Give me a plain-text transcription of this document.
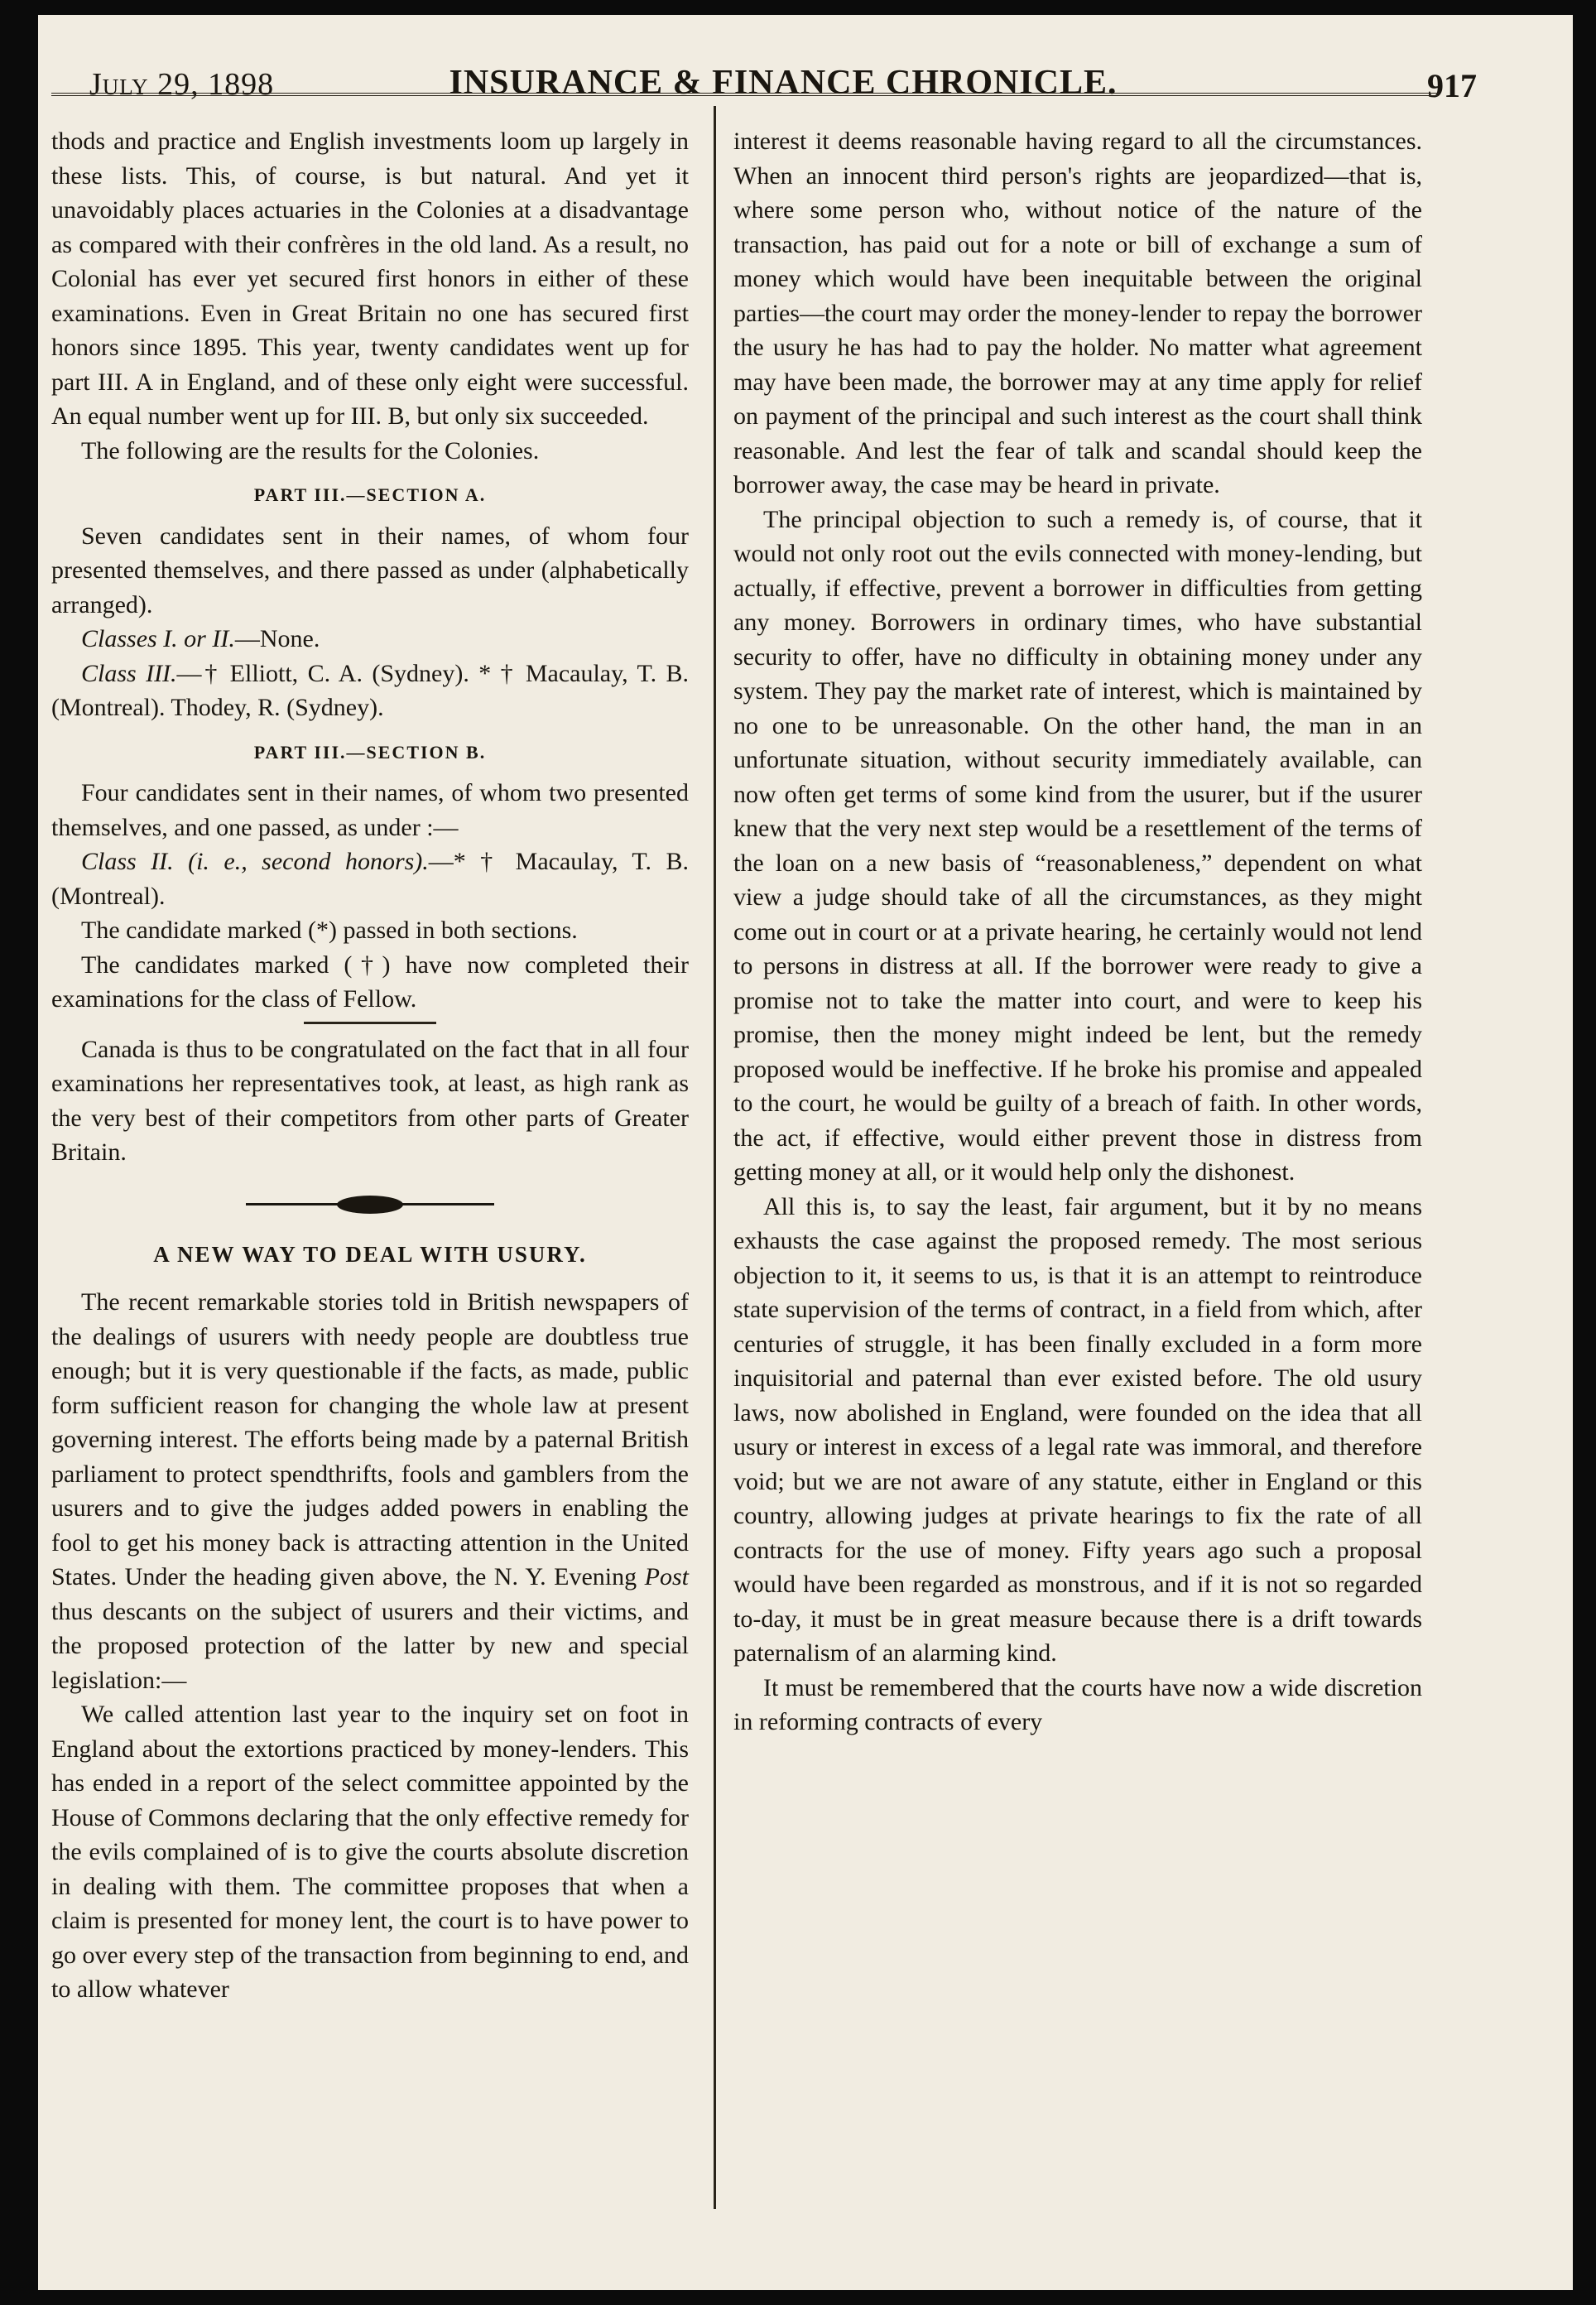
July 29, 1898	INSURANCE & FINANCE CHRONICLE.	917

thods and practice and English investments loom up largely in these lists. This, of course, is but natural. And yet it unavoidably places actuaries in the Colonies at a disadvantage as compared with their confrères in the old land. As a result, no Colonial has ever yet secured first honors in either of these examinations. Even in Great Britain no one has secured first honors since 1895. This year, twenty candidates went up for part III. A in England, and of these only eight were successful. An equal number went up for III. B, but only six succeeded.

The following are the results for the Colonies.

PART III.—SECTION A.

Seven candidates sent in their names, of whom four presented themselves, and there passed as under (alphabetically arranged).

Classes I. or II.—None.

Class III.—† Elliott, C. A. (Sydney). * † Macaulay, T. B. (Montreal). Thodey, R. (Sydney).

PART III.—SECTION B.

Four candidates sent in their names, of whom two presented themselves, and one passed, as under :—

Class II. (i. e., second honors).—* † Macaulay, T. B. (Montreal).

The candidate marked (*) passed in both sections.

The candidates marked (†) have now completed their examinations for the class of Fellow.

Canada is thus to be congratulated on the fact that in all four examinations her representatives took, at least, as high rank as the very best of their competitors from other parts of Greater Britain.

A NEW WAY TO DEAL WITH USURY.

The recent remarkable stories told in British newspapers of the dealings of usurers with needy people are doubtless true enough; but it is very questionable if the facts, as made, public form sufficient reason for changing the whole law at present governing interest. The efforts being made by a paternal British parliament to protect spendthrifts, fools and gamblers from the usurers and to give the judges added powers in enabling the fool to get his money back is attracting attention in the United States. Under the heading given above, the N. Y. Evening Post thus descants on the subject of usurers and their victims, and the proposed protection of the latter by new and special legislation:—

We called attention last year to the inquiry set on foot in England about the extortions practiced by money-lenders. This has ended in a report of the select committee appointed by the House of Commons declaring that the only effective remedy for the evils complained of is to give the courts absolute discretion in dealing with them. The committee proposes that when a claim is presented for money lent, the court is to have power to go over every step of the transaction from beginning to end, and to allow whatever

interest it deems reasonable having regard to all the circumstances. When an innocent third person's rights are jeopardized—that is, where some person who, without notice of the nature of the transaction, has paid out for a note or bill of exchange a sum of money which would have been inequitable between the original parties—the court may order the money-lender to repay the borrower the usury he has had to pay the holder. No matter what agreement may have been made, the borrower may at any time apply for relief on payment of the principal and such interest as the court shall think reasonable. And lest the fear of talk and scandal should keep the borrower away, the case may be heard in private.

The principal objection to such a remedy is, of course, that it would not only root out the evils connected with money-lending, but actually, if effective, prevent a borrower in difficulties from getting any money. Borrowers in ordinary times, who have substantial security to offer, have no difficulty in obtaining money under any system. They pay the market rate of interest, which is maintained by no one to be unreasonable. On the other hand, the man in an unfortunate situation, without security immediately available, can now often get terms of some kind from the usurer, but if the usurer knew that the very next step would be a resettlement of the terms of the loan on a new basis of “reasonableness,” dependent on what view a judge should take of all the circumstances, as they might come out in court or at a private hearing, he certainly would not lend to persons in distress at all. If the borrower were ready to give a promise not to take the matter into court, and were to keep his promise, then the money might indeed be lent, but the remedy proposed would be ineffective. If he broke his promise and appealed to the court, he would be guilty of a breach of faith. In other words, the act, if effective, would either prevent those in distress from getting money at all, or it would help only the dishonest.

All this is, to say the least, fair argument, but it by no means exhausts the case against the proposed remedy. The most serious objection to it, it seems to us, is that it is an attempt to reintroduce state supervision of the terms of contract, in a field from which, after centuries of struggle, it has been finally excluded in a form more inquisitorial and paternal than ever existed before. The old usury laws, now abolished in England, were founded on the idea that all usury or interest in excess of a legal rate was immoral, and therefore void; but we are not aware of any statute, either in England or this country, allowing judges at private hearings to fix the rate of all contracts for the use of money. Fifty years ago such a proposal would have been regarded as monstrous, and if it is not so regarded to-day, it must be in great measure because there is a drift towards paternalism of an alarming kind.

It must be remembered that the courts have now a wide discretion in reforming contracts of every
